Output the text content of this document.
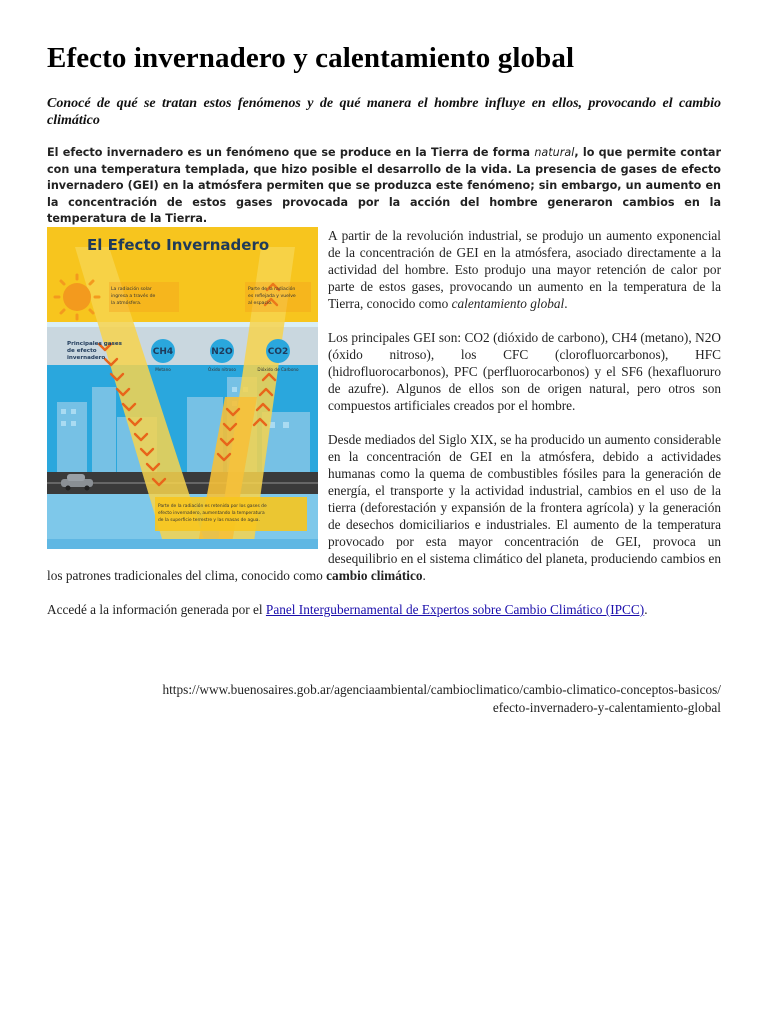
Efecto invernadero y calentamiento global

Conocé de qué se tratan estos fenómenos y de qué manera el hombre influye en ellos, provocando el cambio climático

El efecto invernadero es un fenómeno que se produce en la Tierra de forma natural, lo que permite contar con una temperatura templada, que hizo posible el desarrollo de la vida. La presencia de gases de efecto invernadero (GEI) en la atmósfera permiten que se produzca este fenómeno; sin embargo, un aumento en la concentración de estos gases provocada por la acción del hombre generaron cambios en la temperatura de la Tierra.

A partir de la revolución industrial, se produjo un aumento exponencial de la concentración de GEI en la atmósfera, asociado directamente a la actividad del hombre. Esto produjo una mayor retención de calor por parte de estos gases, provocando un aumento en la temperatura de la Tierra, conocido como calentamiento global.

Los principales GEI son: CO2 (dióxido de carbono), CH4 (metano), N2O (óxido nitroso), los CFC (clorofluorcarbonos), HFC (hidrofluorocarbonos), PFC (perfluorocarbonos) y el SF6 (hexafluoruro de azufre). Algunos de ellos son de origen natural, pero otros son compuestos artificiales creados por el hombre.

Desde mediados del Siglo XIX, se ha producido un aumento considerable en la concentración de GEI en la atmósfera, debido a actividades humanas como la quema de combustibles fósiles para la generación de energía, el transporte y la actividad industrial, cambios en el uso de la tierra (deforestación y expansión de la frontera agrícola) y la generación de desechos domiciliarios e industriales. El aumento de la temperatura provocado por esta mayor concentración de GEI, provoca un desequilibrio en el sistema climático del planeta, produciendo cambios en los patrones tradicionales del clima, conocido como cambio climático.

Accedé a la información generada por el Panel Intergubernamental de Expertos sobre Cambio Climático (IPCC).

El Efecto Invernadero
La radiación solar ingresa a través de la atmósfera.
Parte de la radiación es reflejada y vuelve al espacio.
Principales gases de efecto invernadero
CH4
Metano
N2O
Óxido nitroso
CO2
Dióxido de Carbono
Parte de la radiación es retenida por los gases de efecto invernadero, aumentando la temperatura de la superficie terrestre y las masas de agua.

https://www.buenosaires.gob.ar/agenciaambiental/cambioclimatico/cambio-climatico-conceptos-basicos/
efecto-invernadero-y-calentamiento-global
